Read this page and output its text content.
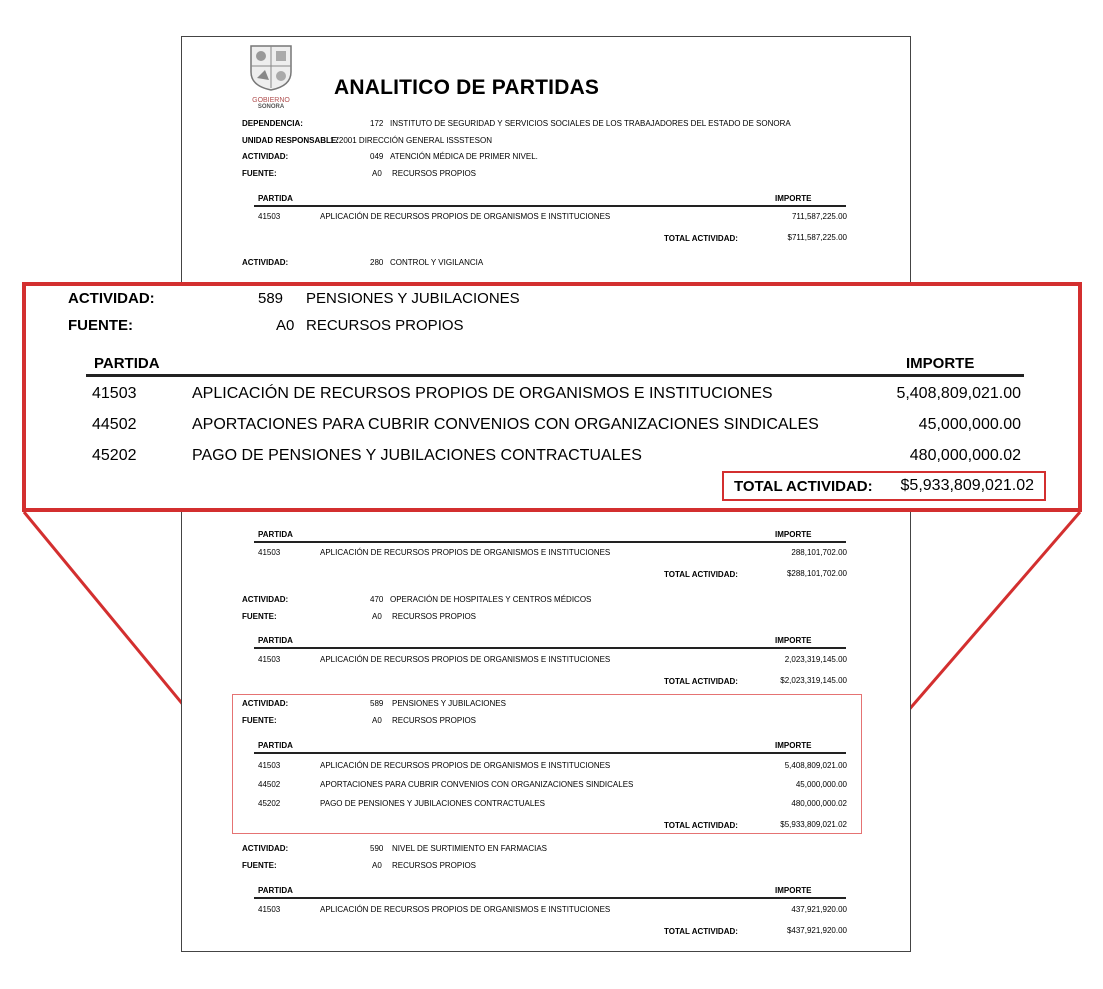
GOBIERNO
SONORA
ANALITICO DE PARTIDAS
DEPENDENCIA:	172 INSTITUTO DE SEGURIDAD Y SERVICIOS SOCIALES DE LOS TRABAJADORES DEL ESTADO DE SONORA
UNIDAD RESPONSABLE:
172001 DIRECCIÓN GENERAL ISSSTESON
ACTIVIDAD:	049 ATENCIÓN MÉDICA DE PRIMER NIVEL.
FUENTE:	A0 RECURSOS PROPIOS
PARTIDA	IMPORTE
41503	APLICACIÓN DE RECURSOS PROPIOS DE ORGANISMOS E INSTITUCIONES	711,587,225.00
TOTAL ACTIVIDAD:	$711,587,225.00
ACTIVIDAD:	280 CONTROL Y VIGILANCIA
PARTIDA	IMPORTE
41503	APLICACIÓN DE RECURSOS PROPIOS DE ORGANISMOS E INSTITUCIONES	288,101,702.00
TOTAL ACTIVIDAD:	$288,101,702.00
ACTIVIDAD:	470 OPERACIÓN DE HOSPITALES Y CENTROS MÉDICOS
FUENTE:	A0 RECURSOS PROPIOS
PARTIDA	IMPORTE
41503	APLICACIÓN DE RECURSOS PROPIOS DE ORGANISMOS E INSTITUCIONES	2,023,319,145.00
TOTAL ACTIVIDAD:	$2,023,319,145.00
ACTIVIDAD:	589 PENSIONES Y JUBILACIONES
FUENTE:	A0 RECURSOS PROPIOS
PARTIDA	IMPORTE
41503	APLICACIÓN DE RECURSOS PROPIOS DE ORGANISMOS E INSTITUCIONES	5,408,809,021.00
44502	APORTACIONES PARA CUBRIR CONVENIOS CON ORGANIZACIONES SINDICALES	45,000,000.00
45202	PAGO DE PENSIONES Y JUBILACIONES CONTRACTUALES	480,000,000.02
TOTAL ACTIVIDAD:	$5,933,809,021.02
ACTIVIDAD:	590 NIVEL DE SURTIMIENTO EN FARMACIAS
FUENTE:	A0 RECURSOS PROPIOS
PARTIDA	IMPORTE
41503	APLICACIÓN DE RECURSOS PROPIOS DE ORGANISMOS E INSTITUCIONES	437,921,920.00
TOTAL ACTIVIDAD:	$437,921,920.00
ACTIVIDAD:	589 PENSIONES Y JUBILACIONES
FUENTE:	A0 RECURSOS PROPIOS
PARTIDA	IMPORTE
41503	APLICACIÓN DE RECURSOS PROPIOS DE ORGANISMOS E INSTITUCIONES	5,408,809,021.00
44502	APORTACIONES PARA CUBRIR CONVENIOS CON ORGANIZACIONES SINDICALES	45,000,000.00
45202	PAGO DE PENSIONES Y JUBILACIONES CONTRACTUALES	480,000,000.02
TOTAL ACTIVIDAD: $5,933,809,021.02
